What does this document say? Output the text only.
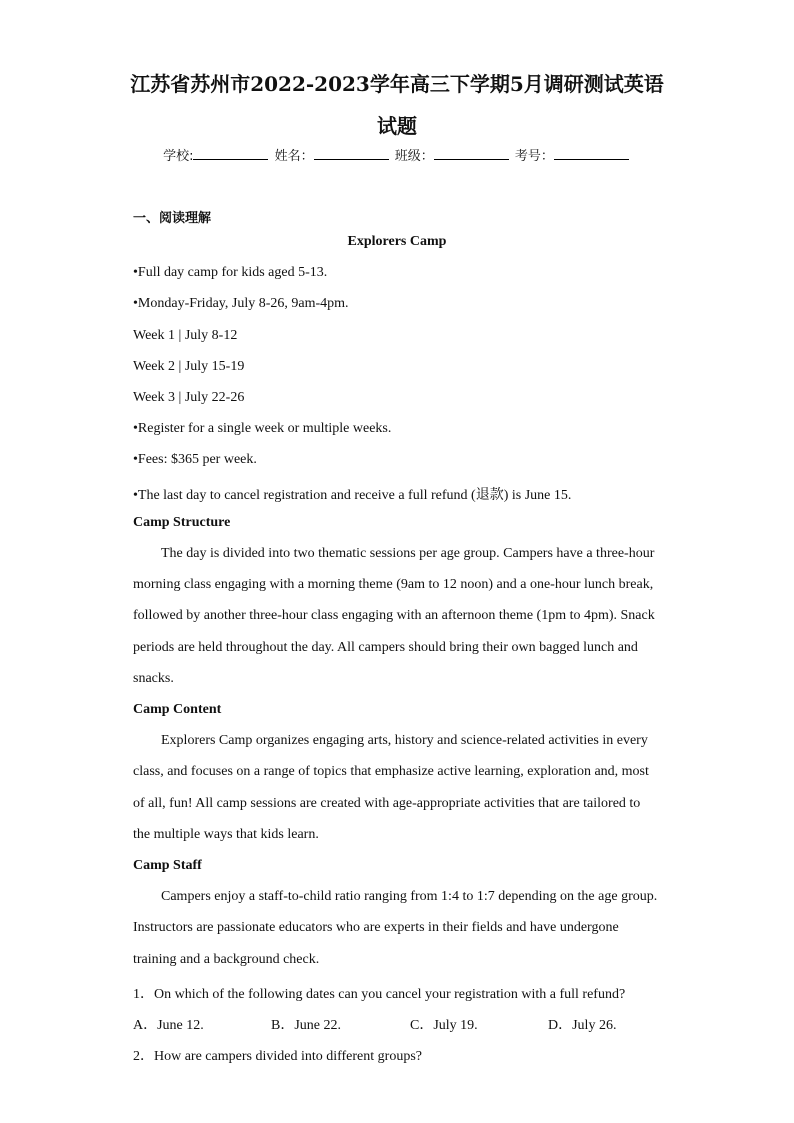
江苏省苏州市2022-2023学年高三下学期5月调研测试英语
试题
学校:	姓名：	班级：	考号：
一、阅读理解
Explorers Camp
•Full day camp for kids aged 5-13.
•Monday-Friday, July 8-26, 9am-4pm.
Week 1 | July 8-12
Week 2 | July 15-19
Week 3 | July 22-26
•Register for a single week or multiple weeks.
•Fees: $365 per week.
•The last day to cancel registration and receive a full refund (退款) is June 15.
Camp Structure
The day is divided into two thematic sessions per age group. Campers have a three-hour
morning class engaging with a morning theme (9am to 12 noon) and a one-hour lunch break,
followed by another three-hour class engaging with an afternoon theme (1pm to 4pm). Snack
periods are held throughout the day. All campers should bring their own bagged lunch and
snacks.
Camp Content
Explorers Camp organizes engaging arts, history and science-related activities in every
class, and focuses on a range of topics that emphasize active learning, exploration and, most
of all, fun! All camp sessions are created with age-appropriate activities that are tailored to
the multiple ways that kids learn.
Camp Staff
Campers enjoy a staff-to-child ratio ranging from 1:4 to 1:7 depending on the age group.
Instructors are passionate educators who are experts in their fields and have undergone
training and a background check.
1．On which of the following dates can you cancel your registration with a full refund?
A．June 12.	B．June 22.	C．July 19.	D．July 26.
2．How are campers divided into different groups?
